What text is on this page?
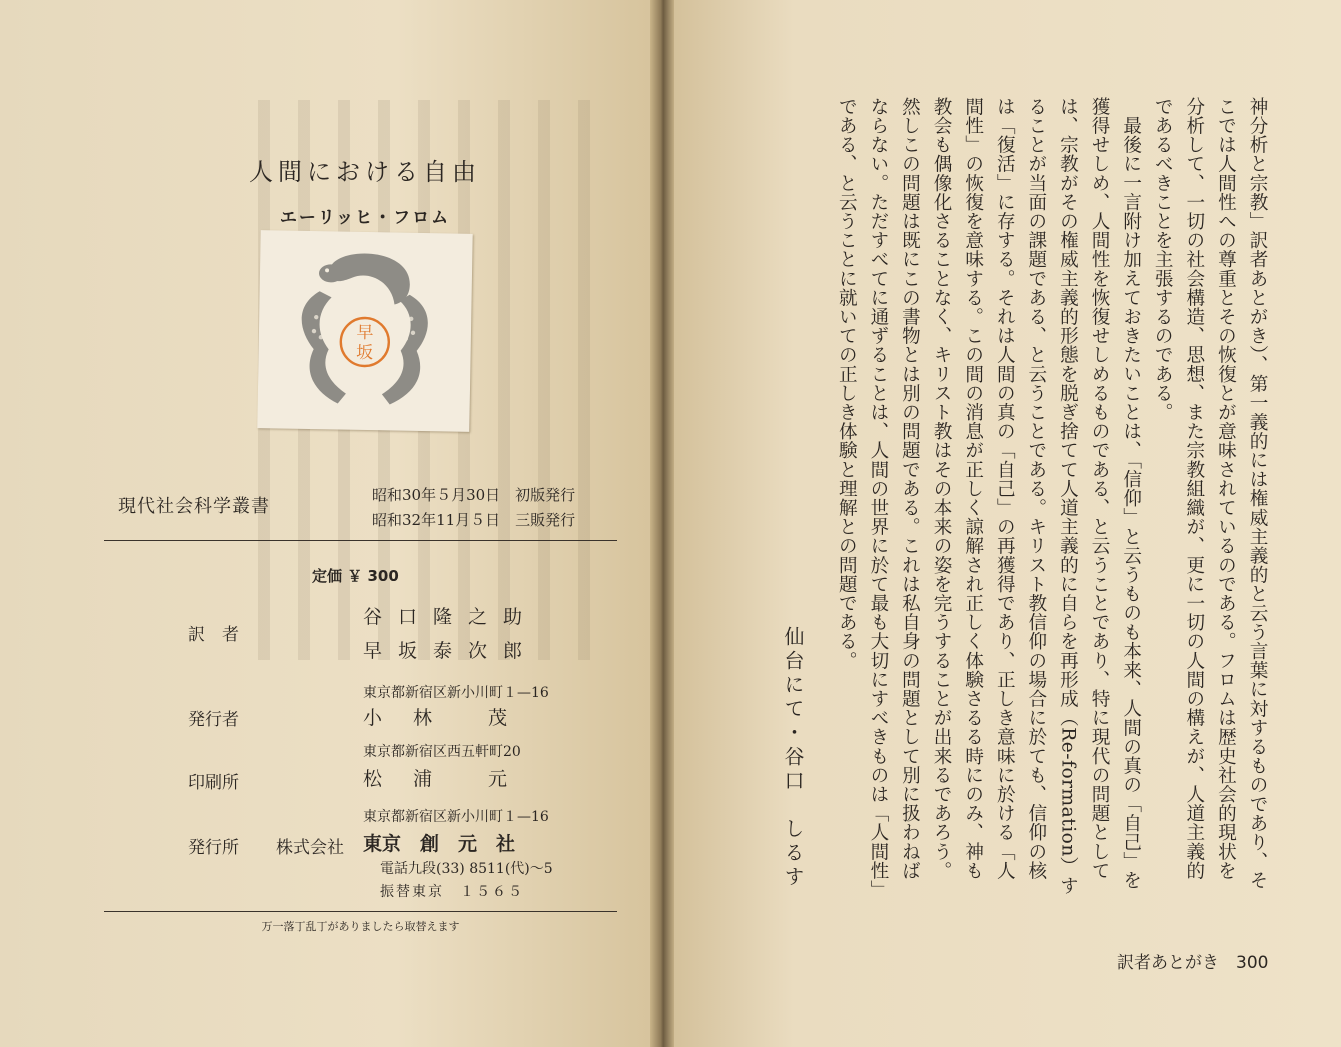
人間における自由
エーリッヒ・フロム
早
坂
現代社会科学叢書
昭和30年５月30日　初版発行
昭和32年11月５日　三販発行
定価 ￥ 300
訳　者
谷口隆之助
早坂泰次郎
東京都新宿区新小川町１—16
発行者	小　林　　茂
東京都新宿区西五軒町20
印刷所	松　浦　　元
東京都新宿区新小川町１—16
発行所 株式会社 東京　創　元　社
電話九段(33) 8511(代)〜5
振替東京　１５６５
万一落丁乱丁がありましたら取替えます

神分析と宗教」訳者あとがき）、第一義的には権威主義的と云う言葉に対するものであり、そこでは人間性への尊重とその恢復とが意味されているのである。フロムは歴史社会的現状を分析して、一切の社会構造、思想、また宗教組織が、更に一切の人間の構えが、人道主義的であるべきことを主張するのである。

最後に一言附け加えておきたいことは、「信仰」と云うものも本来、人間の真の「自己」を獲得せしめ、人間性を恢復せしめるものである、と云うことであり、特に現代の問題としては、宗教がその権威主義的形態を脱ぎ捨てて人道主義的に自らを再形成（Re-formation）することが当面の課題である、と云うことである。キリスト教信仰の場合に於ても、信仰の核は「復活」に存する。それは人間の真の「自己」の再獲得であり、正しき意味に於ける「人間性」の恢復を意味する。この間の消息が正しく諒解され正しく体験さるる時にのみ、神も教会も偶像化さることなく、キリスト教はその本来の姿を完うすることが出来るであろう。然しこの問題は既にこの書物とは別の問題である。これは私自身の問題として別に扱わねばならない。ただすべてに通ずることは、人間の世界に於て最も大切にすべきものは「人間性」である、と云うことに就いての正しき体験と理解との問題である。

仙台にて・谷口　しるす
訳者あとがき　300
